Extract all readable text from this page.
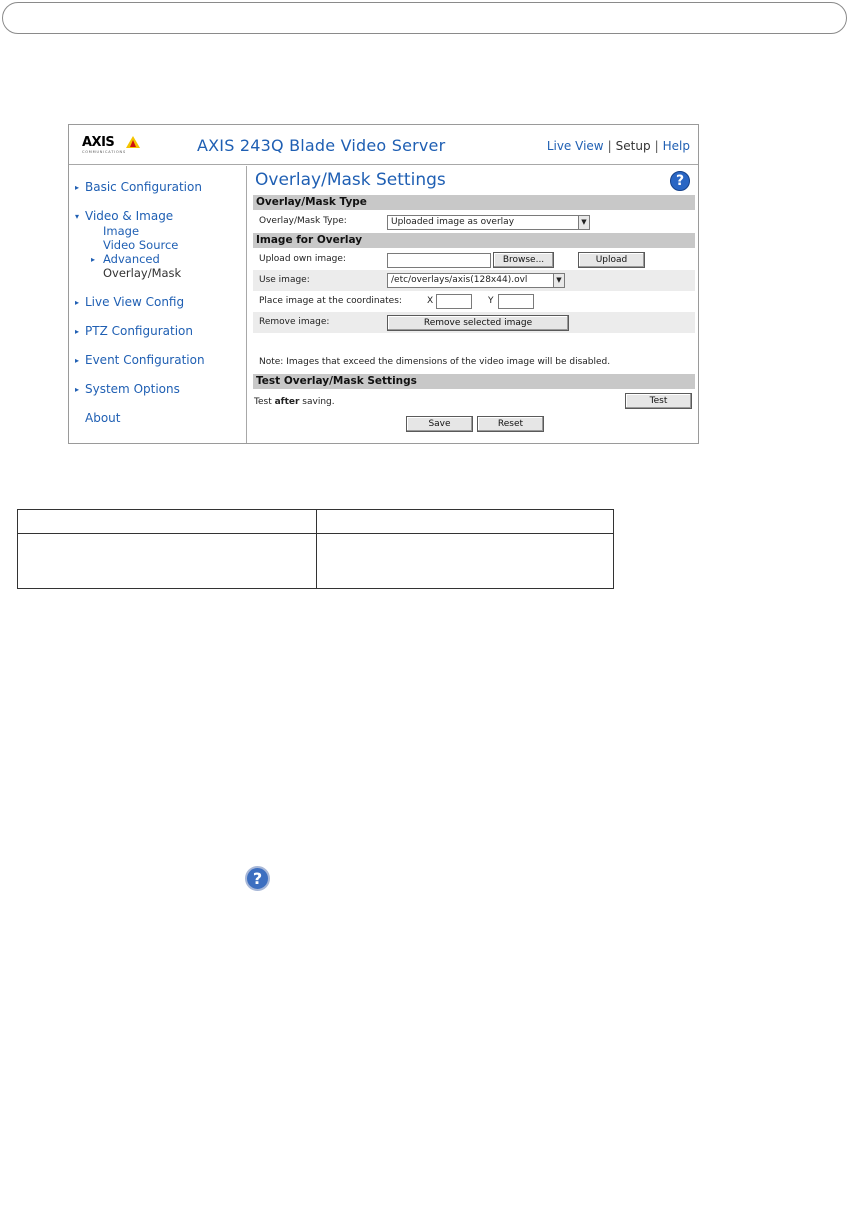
AXIS
COMMUNICATIONS	AXIS 243Q Blade Video Server	Live View | Setup | Help
▸ Basic Configuration
▾ Video & Image
Image
Video Source
▸ Advanced
Overlay/Mask
▸ Live View Config
▸ PTZ Configuration
▸ Event Configuration
▸ System Options
About
Overlay/Mask Settings	?
Overlay/Mask Type
Overlay/Mask Type:	Uploaded image as overlay	▼
Image for Overlay
Upload own image:	Browse...	Upload
Use image:	/etc/overlays/axis(128x44).ovl	▼
Place image at the coordinates:	X	Y
Remove image:	Remove selected image
Note: Images that exceed the dimensions of the video image will be disabled.
Test Overlay/Mask Settings
Test after saving.	Test
Save	Reset

?
